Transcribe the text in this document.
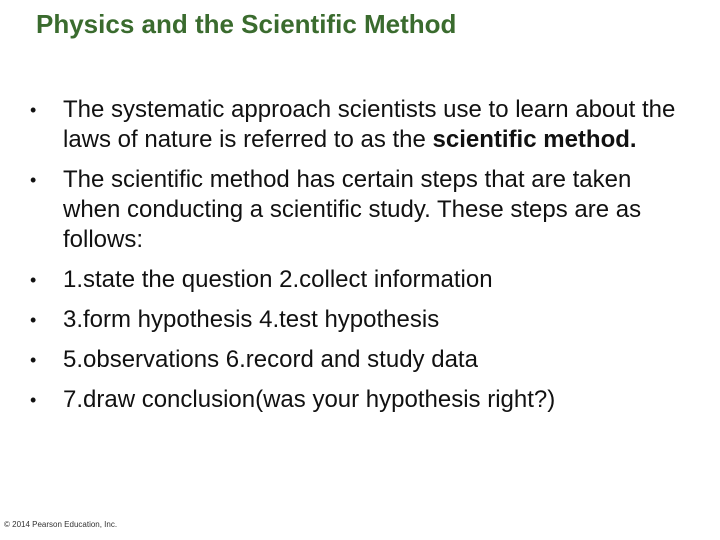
Physics and the Scientific Method
•	The systematic approach scientists use to learn about the laws of nature is referred to as the scientific method.
•	The scientific method has certain steps that are taken when conducting a scientific study. These steps are as follows:
•	1.state the question 2.collect information
•	3.form hypothesis 4.test hypothesis
•	5.observations 6.record and study data
•	7.draw conclusion(was your hypothesis right?)
© 2014 Pearson Education, Inc.
